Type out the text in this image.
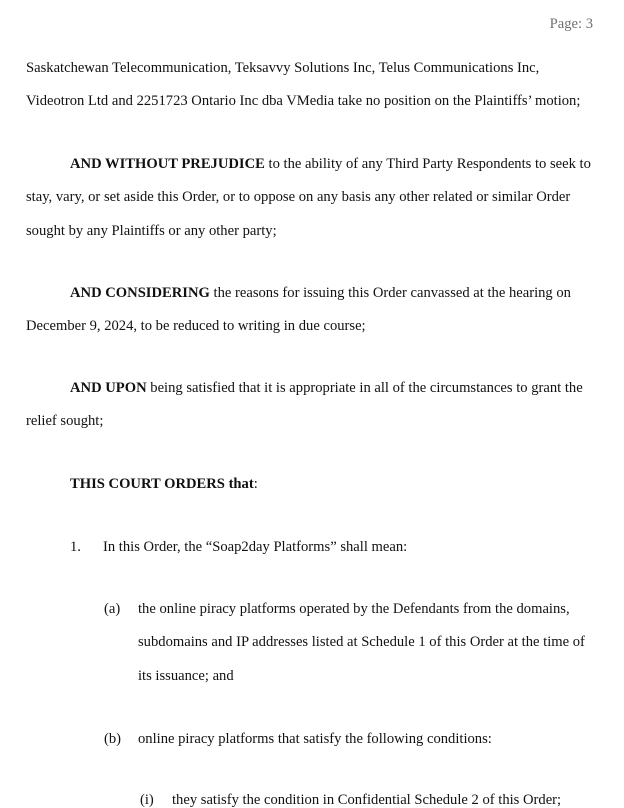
Page: 3
Saskatchewan Telecommunication, Teksavvy Solutions Inc, Telus Communications Inc,
Videotron Ltd and 2251723 Ontario Inc dba VMedia take no position on the Plaintiffs’ motion;
AND WITHOUT PREJUDICE to the ability of any Third Party Respondents to seek to
stay, vary, or set aside this Order, or to oppose on any basis any other related or similar Order
sought by any Plaintiffs or any other party;
AND CONSIDERING the reasons for issuing this Order canvassed at the hearing on
December 9, 2024, to be reduced to writing in due course;
AND UPON being satisfied that it is appropriate in all of the circumstances to grant the
relief sought;
THIS COURT ORDERS that:
1. In this Order, the “Soap2day Platforms” shall mean:
(a) the online piracy platforms operated by the Defendants from the domains,
subdomains and IP addresses listed at Schedule 1 of this Order at the time of
its issuance; and
(b) online piracy platforms that satisfy the following conditions:
(i) they satisfy the condition in Confidential Schedule 2 of this Order;
